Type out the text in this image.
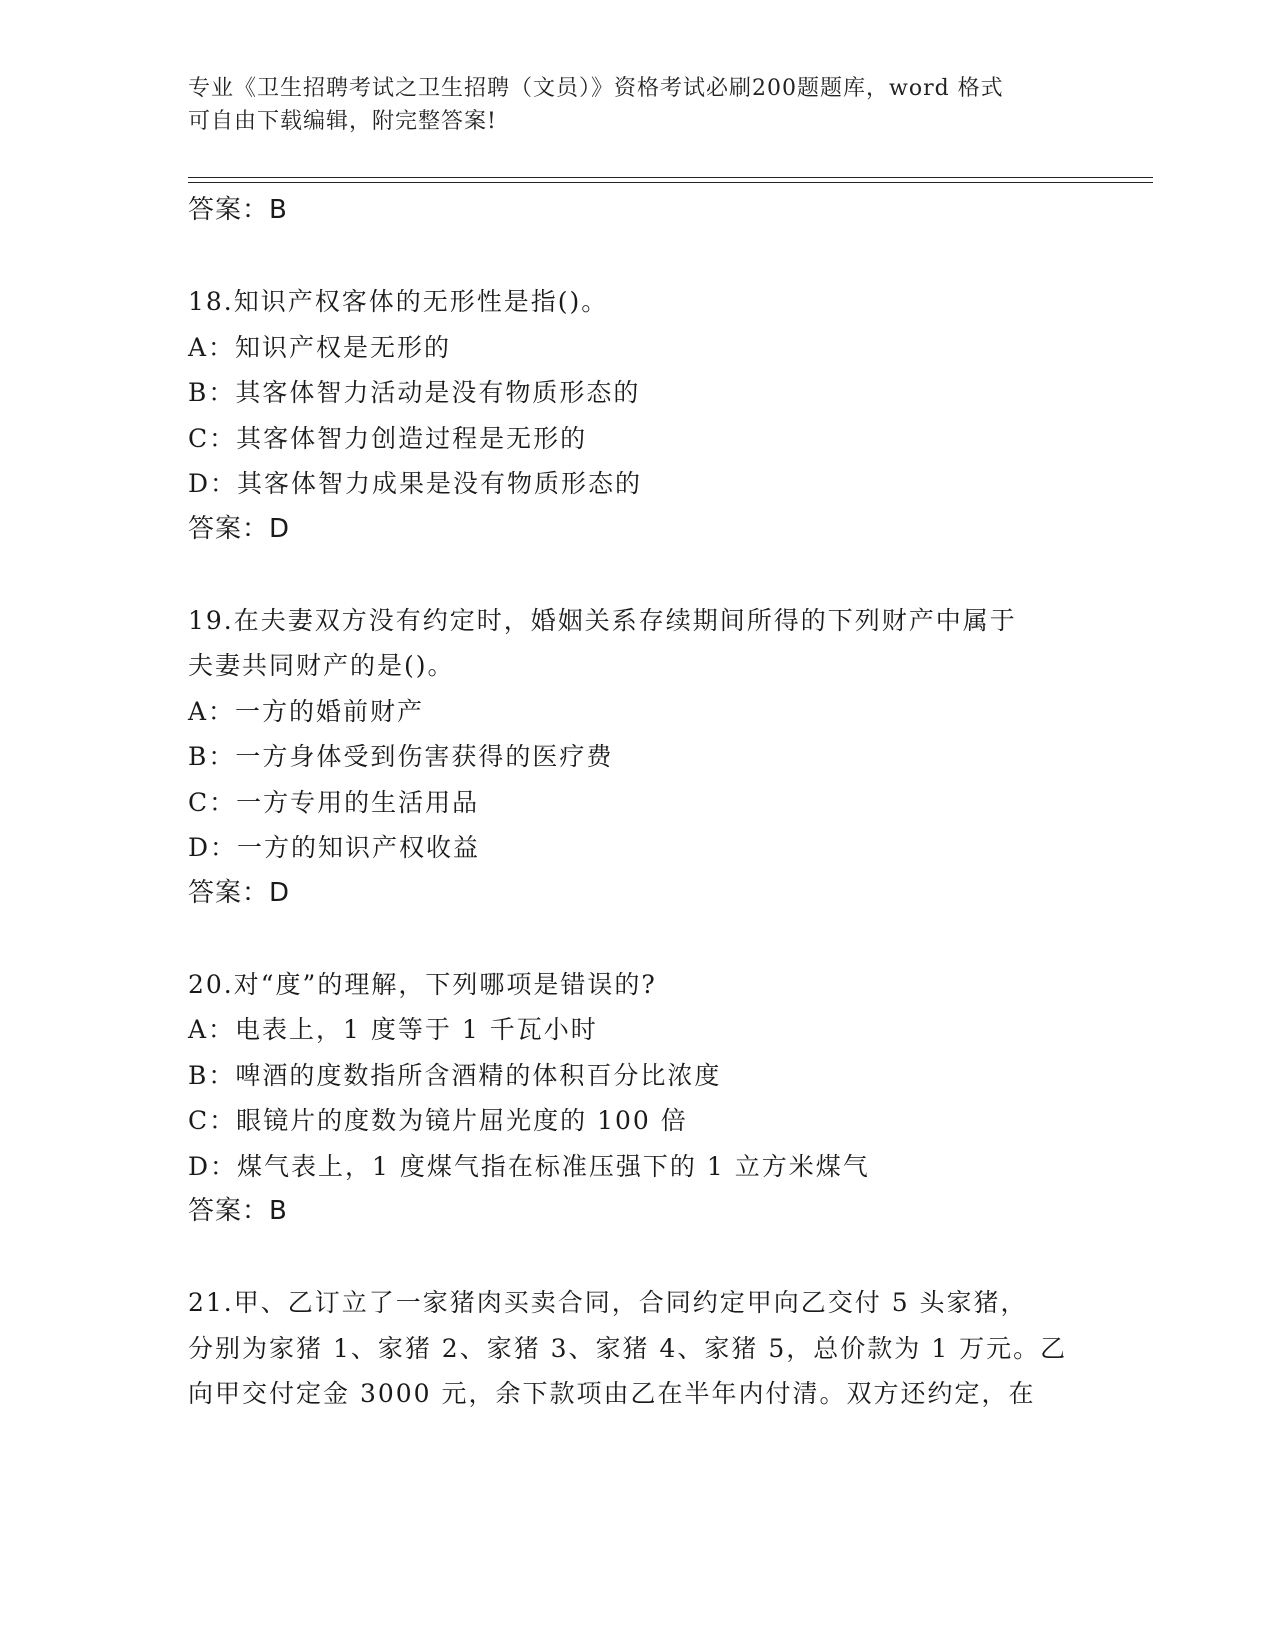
专业《卫生招聘考试之卫生招聘（文员）》资格考试必刷200题题库，word 格式
可自由下载编辑，附完整答案!
答案：B
18.知识产权客体的无形性是指()。
A：知识产权是无形的
B：其客体智力活动是没有物质形态的
C：其客体智力创造过程是无形的
D：其客体智力成果是没有物质形态的
答案：D
19.在夫妻双方没有约定时，婚姻关系存续期间所得的下列财产中属于
夫妻共同财产的是()。
A：一方的婚前财产
B：一方身体受到伤害获得的医疗费
C：一方专用的生活用品
D：一方的知识产权收益
答案：D
20.对“度”的理解，下列哪项是错误的?
A：电表上，1 度等于 1 千瓦小时
B：啤酒的度数指所含酒精的体积百分比浓度
C：眼镜片的度数为镜片屈光度的 100 倍
D：煤气表上，1 度煤气指在标准压强下的 1 立方米煤气
答案：B
21.甲、乙订立了一家猪肉买卖合同，合同约定甲向乙交付 5 头家猪，
分别为家猪 1、家猪 2、家猪 3、家猪 4、家猪 5，总价款为 1 万元。乙
向甲交付定金 3000 元，余下款项由乙在半年内付清。双方还约定，在
